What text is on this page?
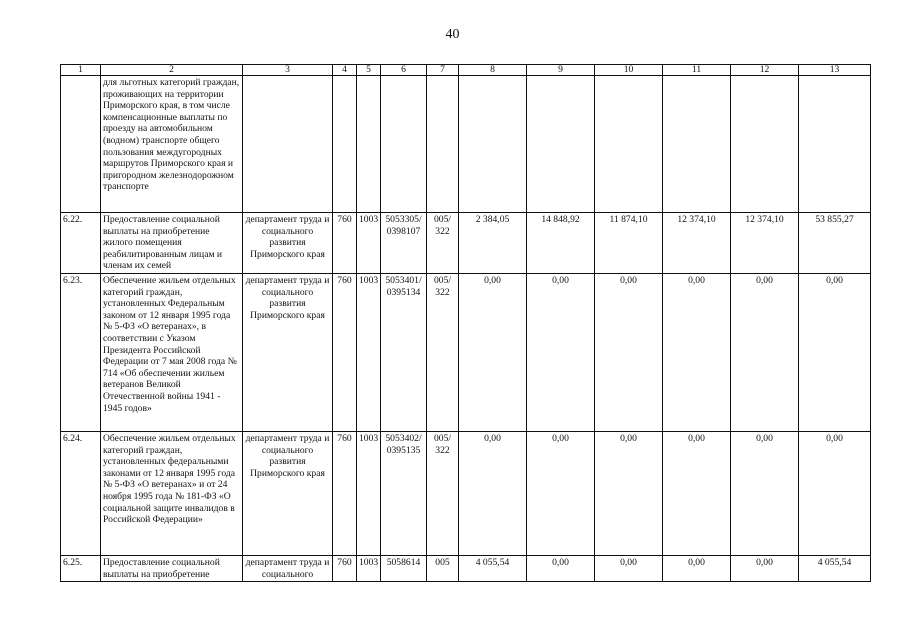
40
1	2	3	4	5	6	7	8	9	10	11	12	13
	для льготных категорий граждан, проживающих на территории Приморского края, в том числе компенсационные выплаты по проезду на автомобильном (водном) транспорте общего пользования междугородных маршрутов Приморского края и пригородном железнодорожном транспорте											
6.22.	Предоставление социальной выплаты на приобретение жилого помещения реабилитированным лицам и членам их семей	департамент труда и социального развития Приморского края	760	1003	5053305/ 0398107	005/ 322	2 384,05	14 848,92	11 874,10	12 374,10	12 374,10	53 855,27
6.23.	Обеспечение жильем отдельных категорий граждан, установленных Федеральным законом от 12 января 1995 года № 5-ФЗ «О ветеранах», в соответствии с Указом Президента Российской Федерации от 7 мая 2008 года № 714 «Об обеспечении жильем ветеранов Великой Отечественной войны 1941 - 1945 годов»	департамент труда и социального развития Приморского края	760	1003	5053401/ 0395134	005/ 322	0,00	0,00	0,00	0,00	0,00	0,00
6.24.	Обеспечение жильем отдельных категорий граждан, установленных федеральными законами от 12 января 1995 года № 5-ФЗ «О ветеранах» и от 24 ноября 1995 года № 181-ФЗ «О социальной защите инвалидов в Российской Федерации»	департамент труда и социального развития Приморского края	760	1003	5053402/ 0395135	005/ 322	0,00	0,00	0,00	0,00	0,00	0,00
6.25.	Предоставление социальной выплаты на приобретение	департамент труда и социального	760	1003	5058614	005	4 055,54	0,00	0,00	0,00	0,00	4 055,54
